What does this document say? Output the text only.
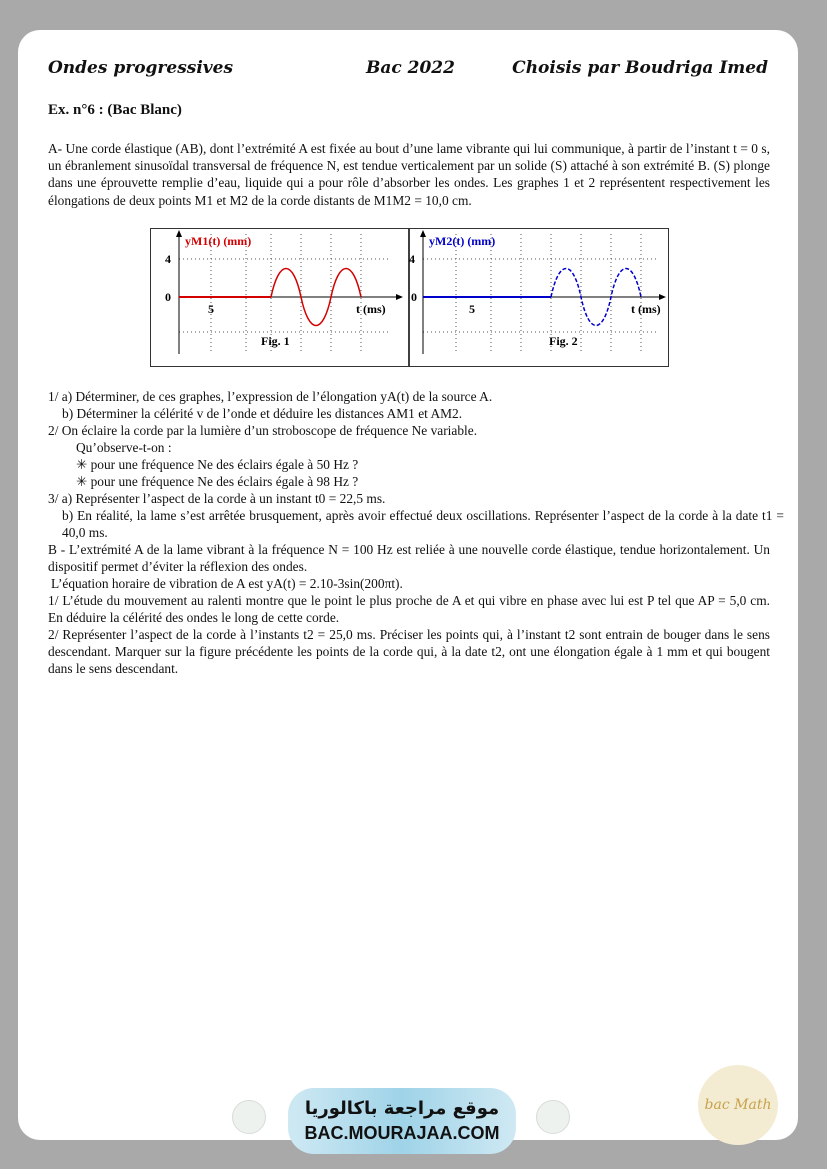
Ondes progressives	Bac 2022	Choisis par Boudriga Imed
Ex. n°6 : (Bac Blanc)
A- Une corde élastique (AB), dont l’extrémité A est fixée au bout d’une lame vibrante qui lui communique, à partir de l’instant t = 0 s, un ébranlement sinusoïdal transversal de fréquence N, est tendue verticalement par un solide (S) attaché à son extrémité B. (S) plonge dans une éprouvette remplie d’eau, liquide qui a pour rôle d’absorber les ondes. Les graphes 1 et 2 représentent respectivement les élongations de deux points M1 et M2 de la corde distants de M1M2 = 10,0 cm.
yM1(t) (mm)
4
0
5	t (ms)
Fig. 1
yM2(t) (mm)
4
0
5	t (ms)
Fig. 2
1/ a) Déterminer, de ces graphes, l’expression de l’élongation yA(t) de la source A.
b) Déterminer la célérité v de l’onde et déduire les distances AM1 et AM2.
2/ On éclaire la corde par la lumière d’un stroboscope de fréquence Ne variable.
Qu’observe-t-on :
✳ pour une fréquence Ne des éclairs égale à 50 Hz ?
✳ pour une fréquence Ne des éclairs égale à 98 Hz ?
3/ a) Représenter l’aspect de la corde à un instant t0 = 22,5 ms.
b) En réalité, la lame s’est arrêtée brusquement, après avoir effectué deux oscillations. Représenter l’aspect de la corde à la date t1 = 40,0 ms.
B - L’extrémité A de la lame vibrant à la fréquence N = 100 Hz est reliée à une nouvelle corde élastique, tendue horizontalement. Un dispositif permet d’éviter la réflexion des ondes.
L’équation horaire de vibration de A est yA(t) = 2.10-3sin(200πt).
1/ L’étude du mouvement au ralenti montre que le point le plus proche de A et qui vibre en phase avec lui est P tel que AP = 5,0 cm. En déduire la célérité des ondes le long de cette corde.
2/ Représenter l’aspect de la corde à l’instants t2 = 25,0 ms. Préciser les points qui, à l’instant t2 sont entrain de bouger dans le sens descendant. Marquer sur la figure précédente les points de la corde qui, à la date t2, ont une élongation égale à 1 mm et qui bougent dans le sens descendant.
موقع مراجعة باكالوريا
BAC.MOURAJAA.COM
bac Math
